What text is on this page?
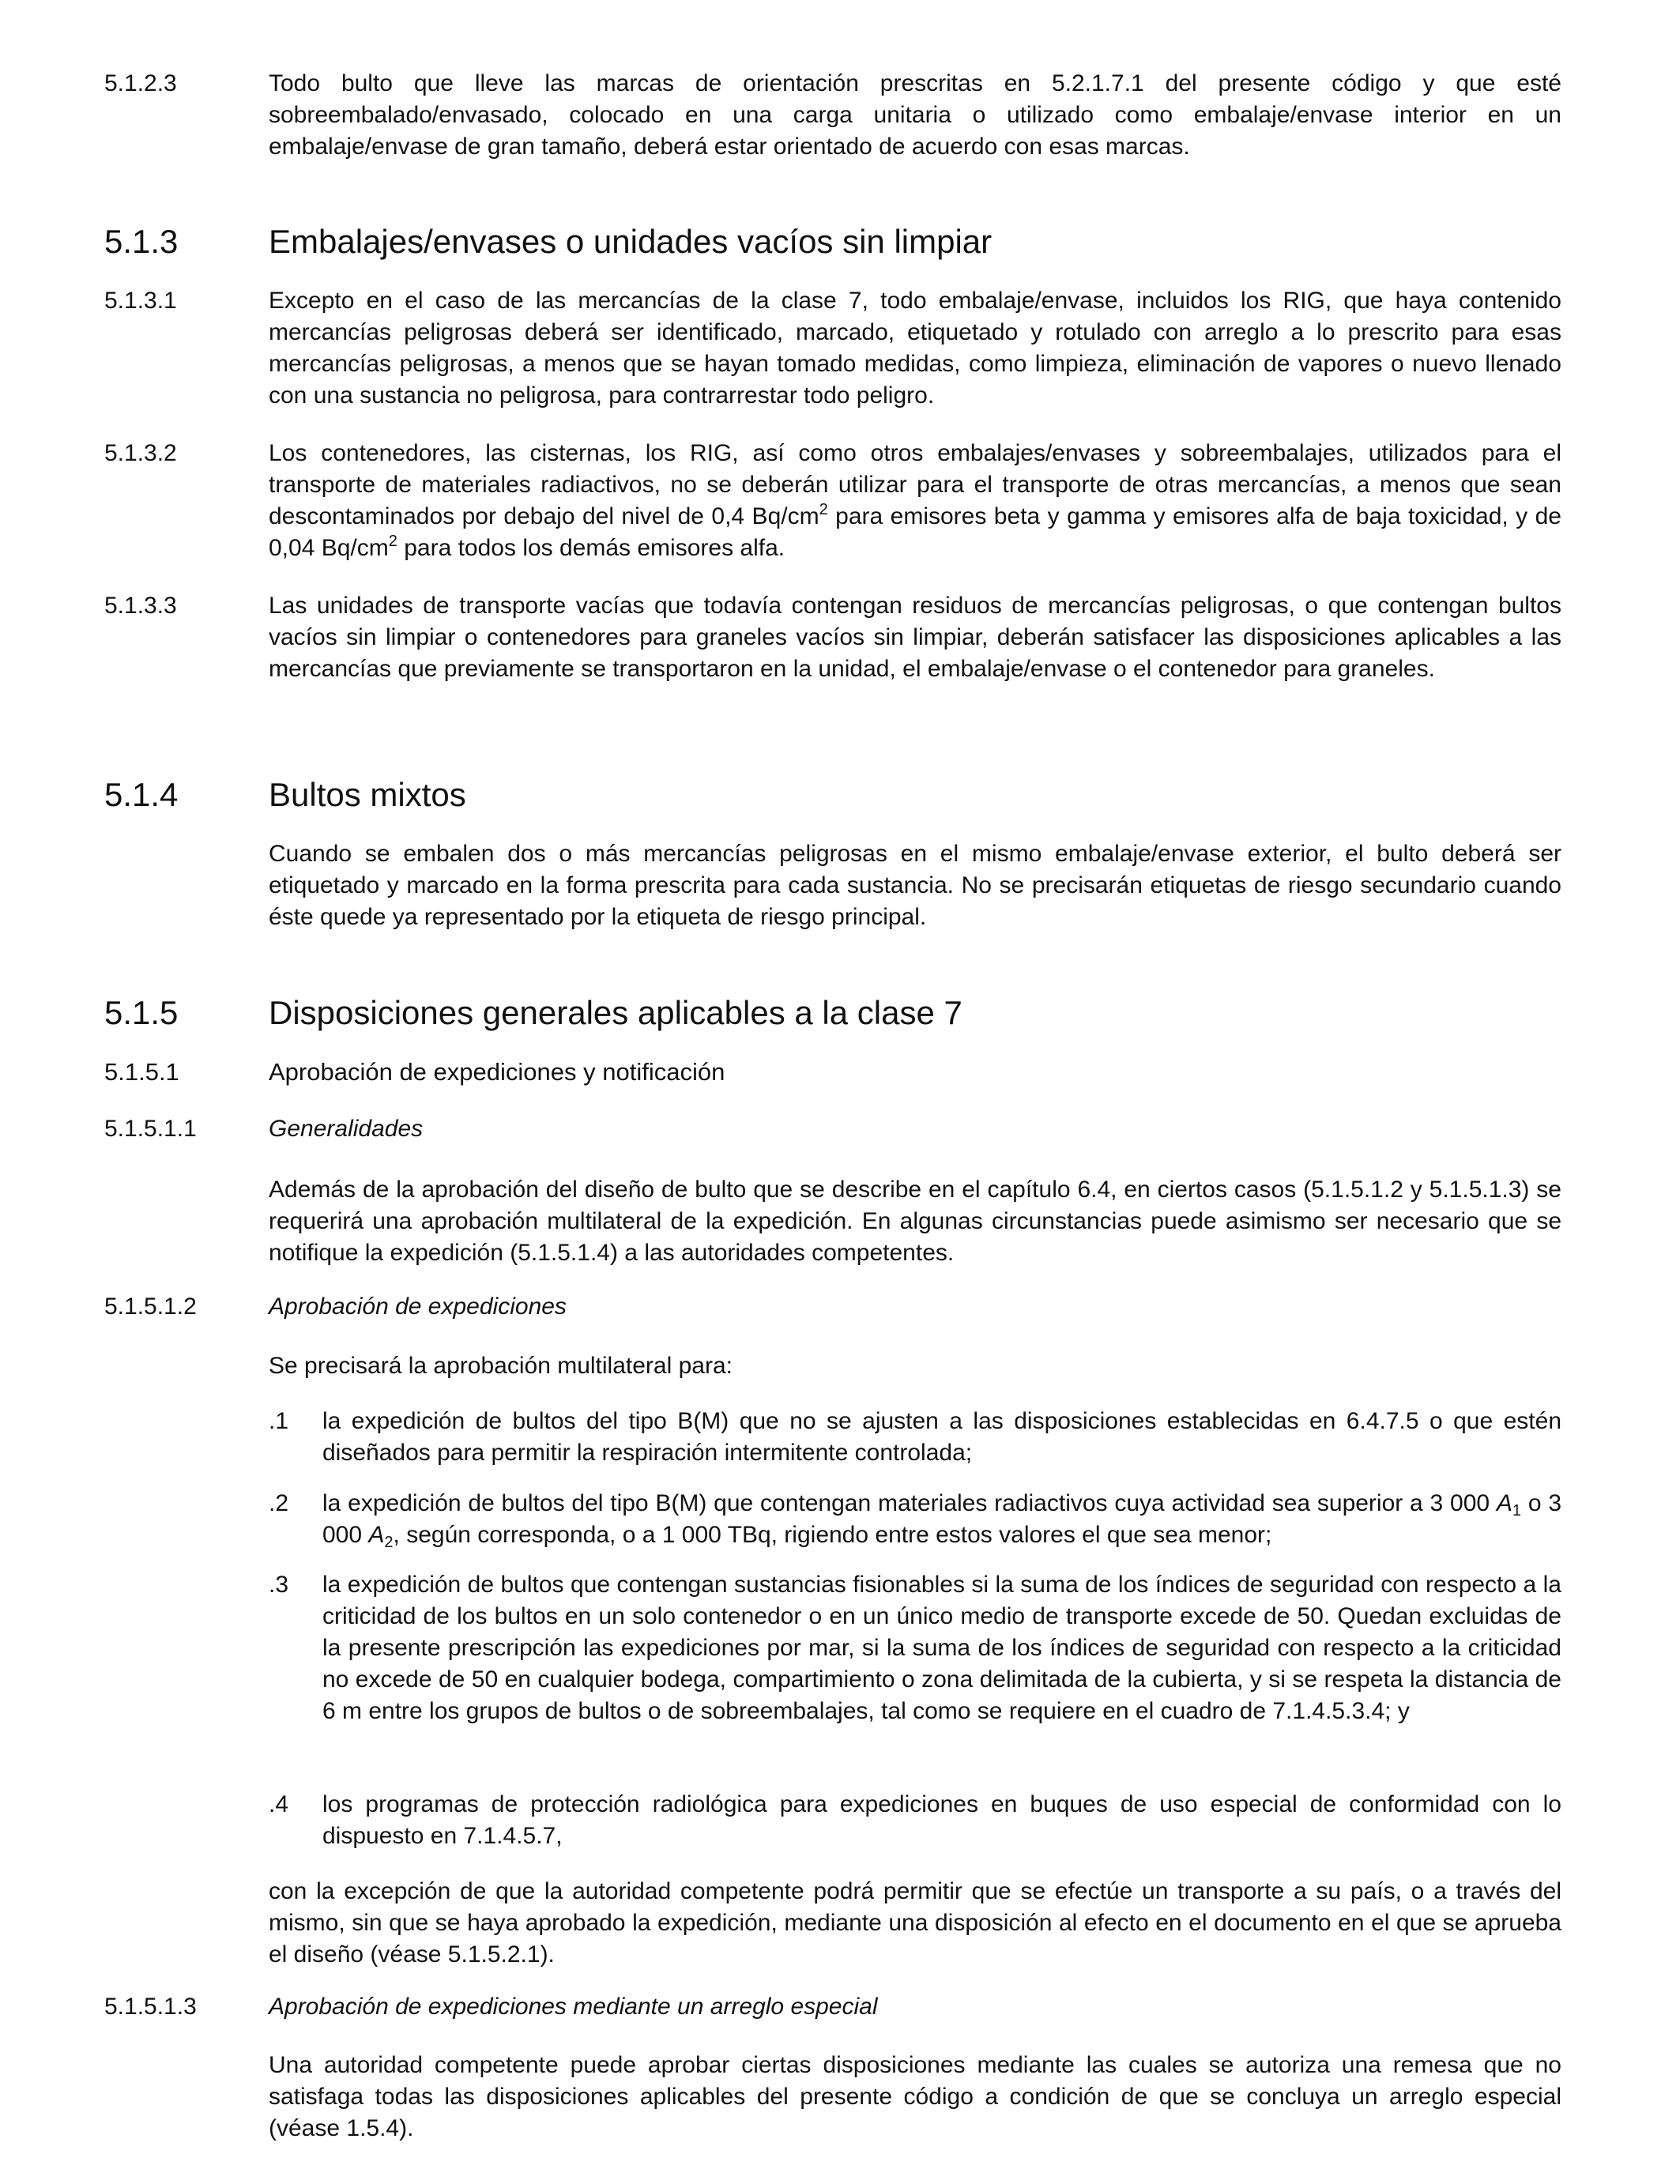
5.1.2.3	Todo bulto que lleve las marcas de orientación prescritas en 5.2.1.7.1 del presente código y que esté sobreembalado/envasado, colocado en una carga unitaria o utilizado como embalaje/envase interior en un embalaje/envase de gran tamaño, deberá estar orientado de acuerdo con esas marcas.
5.1.3	Embalajes/envases o unidades vacíos sin limpiar
5.1.3.1	Excepto en el caso de las mercancías de la clase 7, todo embalaje/envase, incluidos los RIG, que haya contenido mercancías peligrosas deberá ser identificado, marcado, etiquetado y rotulado con arreglo a lo prescrito para esas mercancías peligrosas, a menos que se hayan tomado medidas, como limpieza, eliminación de vapores o nuevo llenado con una sustancia no peligrosa, para contrarrestar todo peligro.
5.1.3.2	Los contenedores, las cisternas, los RIG, así como otros embalajes/envases y sobreembalajes, utilizados para el transporte de materiales radiactivos, no se deberán utilizar para el transporte de otras mercancías, a menos que sean descontaminados por debajo del nivel de 0,4 $Bq/cm^2$ para emisores beta y gamma y emisores alfa de baja toxicidad, y de 0,04 $Bq/cm^2$ para todos los demás emisores alfa.
5.1.3.3	Las unidades de transporte vacías que todavía contengan residuos de mercancías peligrosas, o que contengan bultos vacíos sin limpiar o contenedores para graneles vacíos sin limpiar, deberán satisfacer las disposiciones aplicables a las mercancías que previamente se transportaron en la unidad, el embalaje/envase o el contenedor para graneles.
5.1.4	Bultos mixtos
Cuando se embalen dos o más mercancías peligrosas en el mismo embalaje/envase exterior, el bulto deberá ser etiquetado y marcado en la forma prescrita para cada sustancia. No se precisarán etiquetas de riesgo secundario cuando éste quede ya representado por la etiqueta de riesgo principal.
5.1.5	Disposiciones generales aplicables a la clase 7
5.1.5.1	Aprobación de expediciones y notificación
5.1.5.1.1	Generalidades
Además de la aprobación del diseño de bulto que se describe en el capítulo 6.4, en ciertos casos (5.1.5.1.2 y 5.1.5.1.3) se requerirá una aprobación multilateral de la expedición. En algunas circunstancias puede asimismo ser necesario que se notifique la expedición (5.1.5.1.4) a las autoridades competentes.
5.1.5.1.2	Aprobación de expediciones
Se precisará la aprobación multilateral para:
.1 la expedición de bultos del tipo B(M) que no se ajusten a las disposiciones establecidas en 6.4.7.5 o que estén diseñados para permitir la respiración intermitente controlada;
.2 la expedición de bultos del tipo B(M) que contengan materiales radiactivos cuya actividad sea superior a 3 000 $A_1$ o 3 000 $A_2$, según corresponda, o a 1 000 TBq, rigiendo entre estos valores el que sea menor;
.3 la expedición de bultos que contengan sustancias fisionables si la suma de los índices de seguridad con respecto a la criticidad de los bultos en un solo contenedor o en un único medio de transporte excede de 50. Quedan excluidas de la presente prescripción las expediciones por mar, si la suma de los índices de seguridad con respecto a la criticidad no excede de 50 en cualquier bodega, compartimiento o zona delimitada de la cubierta, y si se respeta la distancia de 6 m entre los grupos de bultos o de sobreembalajes, tal como se requiere en el cuadro de 7.1.4.5.3.4; y
.4 los programas de protección radiológica para expediciones en buques de uso especial de conformidad con lo dispuesto en 7.1.4.5.7,
con la excepción de que la autoridad competente podrá permitir que se efectúe un transporte a su país, o a través del mismo, sin que se haya aprobado la expedición, mediante una disposición al efecto en el documento en el que se aprueba el diseño (véase 5.1.5.2.1).
5.1.5.1.3	Aprobación de expediciones mediante un arreglo especial
Una autoridad competente puede aprobar ciertas disposiciones mediante las cuales se autoriza una remesa que no satisfaga todas las disposiciones aplicables del presente código a condición de que se concluya un arreglo especial (véase 1.5.4).
